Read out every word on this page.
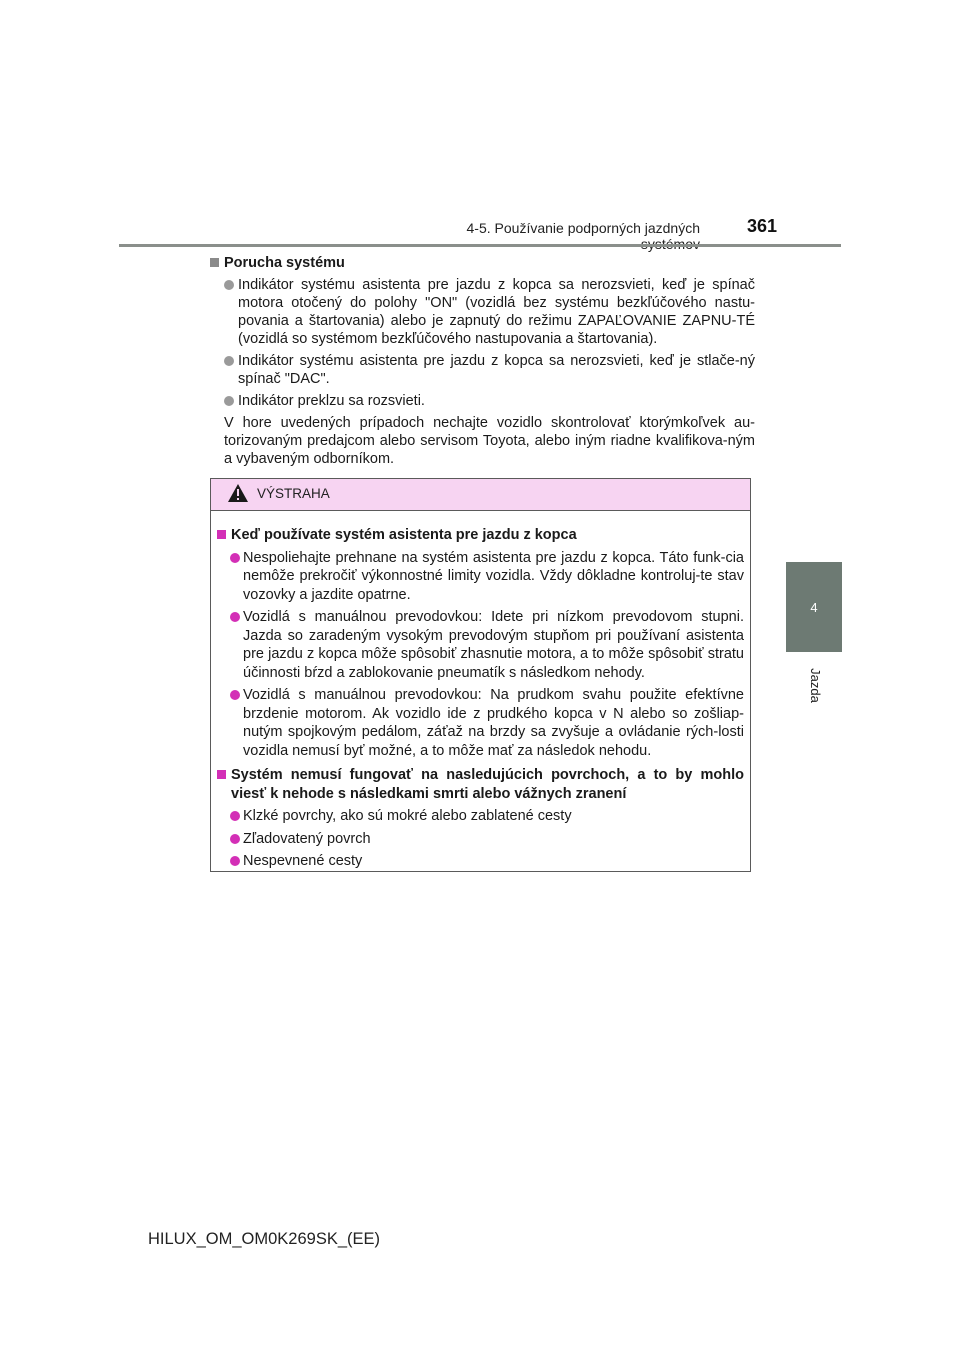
4-5. Používanie podporných jazdných	361
4
Jazda
Porucha systému
Indikátor systému asistenta pre jazdu z kopca sa nerozsvieti, keď je spínač motora otočený do polohy "ON" (vozidlá bez systému bezkľúčového nastu-povania a štartovania) alebo je zapnutý do režimu ZAPAĽOVANIE ZAPNU-TÉ (vozidlá so systémom bezkľúčového nastupovania a štartovania).
Indikátor systému asistenta pre jazdu z kopca sa nerozsvieti, keď je stlače-ný spínač "DAC".
Indikátor preklzu sa rozsvieti.
V hore uvedených prípadoch nechajte vozidlo skontrolovať ktorýmkoľvek au-torizovaným predajcom alebo servisom Toyota, alebo iným riadne kvalifikova-ným a vybaveným odborníkom.
VÝSTRAHA
Keď používate systém asistenta pre jazdu z kopca
Nespoliehajte prehnane na systém asistenta pre jazdu z kopca. Táto funk-cia nemôže prekročiť výkonnostné limity vozidla. Vždy dôkladne kontroluj-te stav vozovky a jazdite opatrne.
Vozidlá s manuálnou prevodovkou: Idete pri nízkom prevodovom stupni. Jazda so zaradeným vysokým prevodovým stupňom pri používaní asistenta pre jazdu z kopca môže spôsobiť zhasnutie motora, a to môže spôsobiť stratu účinnosti bŕzd a zablokovanie pneumatík s následkom nehody.
Vozidlá s manuálnou prevodovkou: Na prudkom svahu použite efektívne brzdenie motorom. Ak vozidlo ide z prudkého kopca v N alebo so zošliap-nutým spojkovým pedálom, záťaž na brzdy sa zvyšuje a ovládanie rých-losti vozidla nemusí byť možné, a to môže mať za následok nehodu.
Systém nemusí fungovať na nasledujúcich povrchoch, a to by mohlo viesť k nehode s následkami smrti alebo vážnych zranení
Klzké povrchy, ako sú mokré alebo zablatené cesty
Zľadovatený povrch
Nespevnené cesty
HILUX_OM_OM0K269SK_(EE)
